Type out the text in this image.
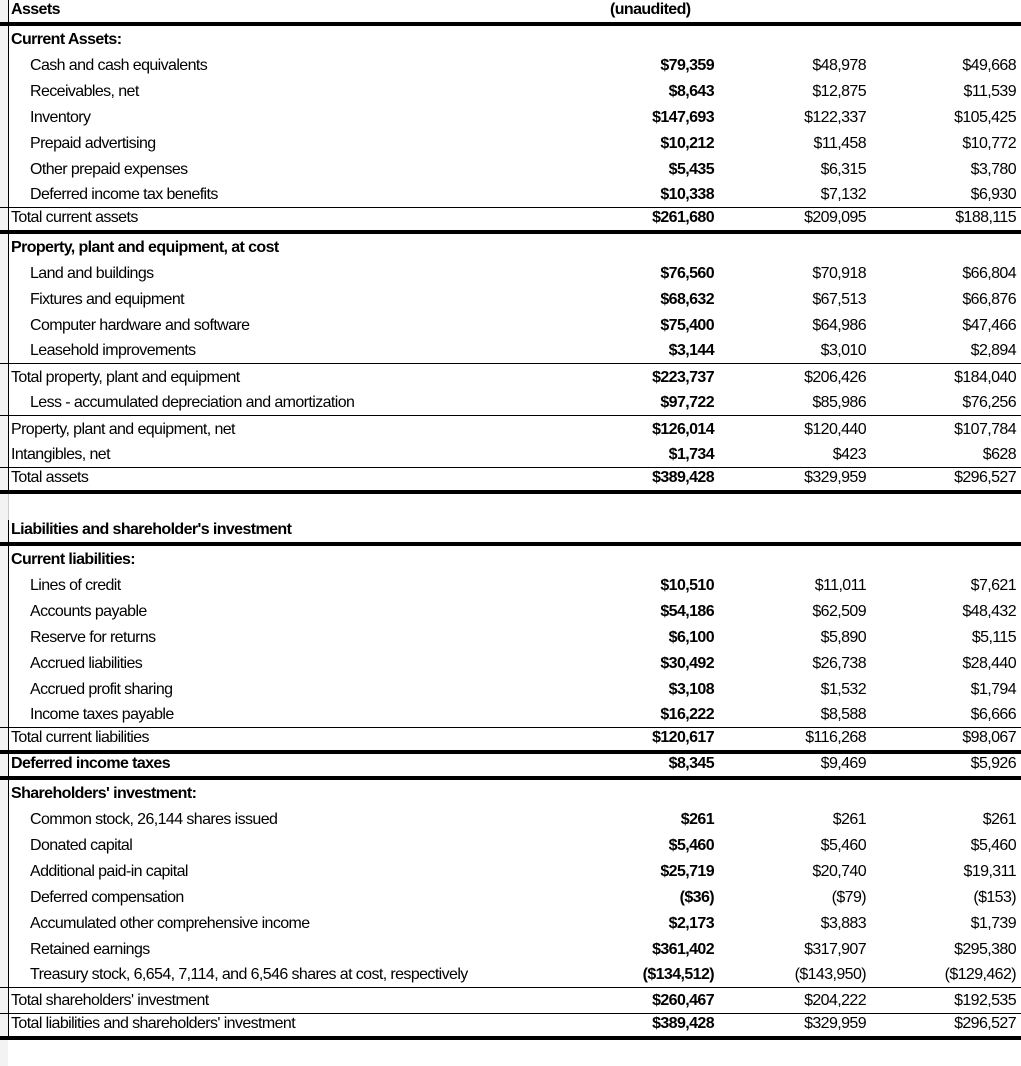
Assets	(unaudited)
Current Assets:
Cash and cash equivalents	$79,359	$48,978	$49,668
Receivables, net	$8,643	$12,875	$11,539
Inventory	$147,693	$122,337	$105,425
Prepaid advertising	$10,212	$11,458	$10,772
Other prepaid expenses	$5,435	$6,315	$3,780
Deferred income tax benefits	$10,338	$7,132	$6,930
Total current assets	$261,680	$209,095	$188,115
Property, plant and equipment, at cost
Land and buildings	$76,560	$70,918	$66,804
Fixtures and equipment	$68,632	$67,513	$66,876
Computer hardware and software	$75,400	$64,986	$47,466
Leasehold improvements	$3,144	$3,010	$2,894
Total property, plant and equipment	$223,737	$206,426	$184,040
Less - accumulated depreciation and amortization	$97,722	$85,986	$76,256
Property, plant and equipment, net	$126,014	$120,440	$107,784
Intangibles, net	$1,734	$423	$628
Total assets	$389,428	$329,959	$296,527
Liabilities and shareholder's investment
Current liabilities:
Lines of credit	$10,510	$11,011	$7,621
Accounts payable	$54,186	$62,509	$48,432
Reserve for returns	$6,100	$5,890	$5,115
Accrued liabilities	$30,492	$26,738	$28,440
Accrued profit sharing	$3,108	$1,532	$1,794
Income taxes payable	$16,222	$8,588	$6,666
Total current liabilities	$120,617	$116,268	$98,067
Deferred income taxes	$8,345	$9,469	$5,926
Shareholders' investment:
Common stock, 26,144 shares issued	$261	$261	$261
Donated capital	$5,460	$5,460	$5,460
Additional paid-in capital	$25,719	$20,740	$19,311
Deferred compensation	($36)	($79)	($153)
Accumulated other comprehensive income	$2,173	$3,883	$1,739
Retained earnings	$361,402	$317,907	$295,380
Treasury stock, 6,654, 7,114, and 6,546 shares at cost, respectively	($134,512)	($143,950)	($129,462)
Total shareholders' investment	$260,467	$204,222	$192,535
Total liabilities and shareholders' investment	$389,428	$329,959	$296,527
